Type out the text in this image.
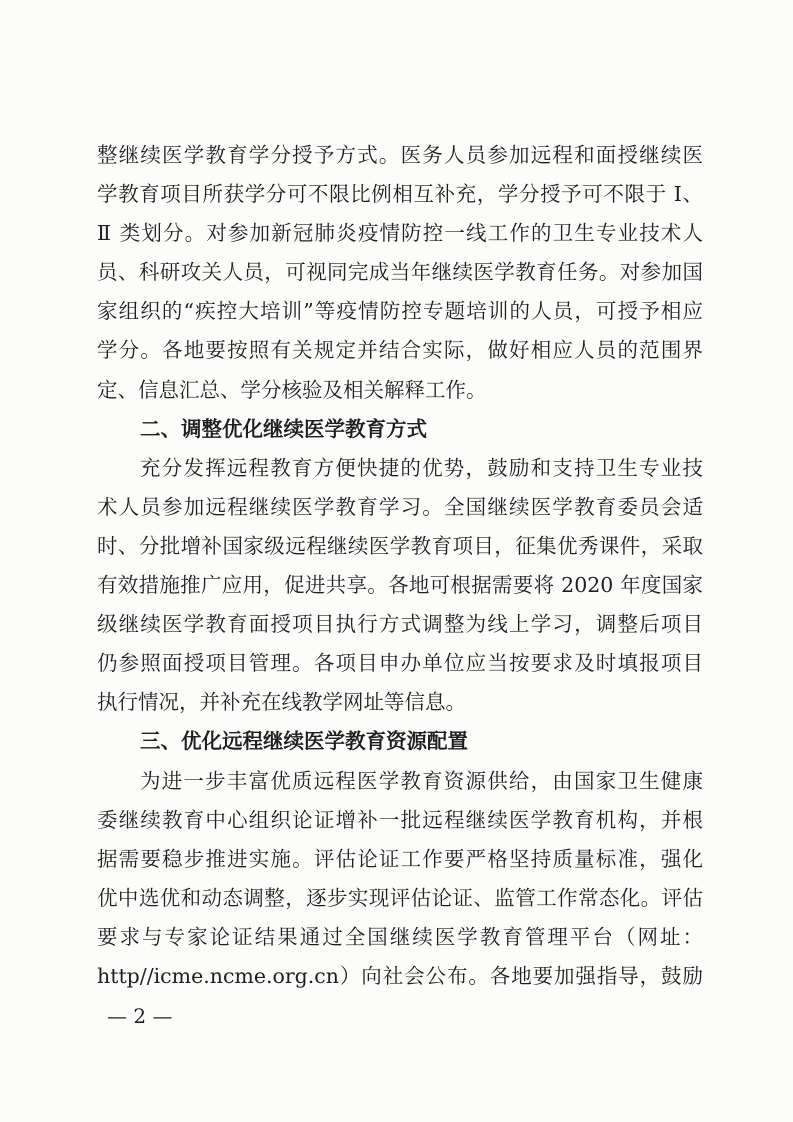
整继续医学教育学分授予方式。医务人员参加远程和面授继续医
学教育项目所获学分可不限比例相互补充，学分授予可不限于 Ⅰ、
Ⅱ 类划分。对参加新冠肺炎疫情防控一线工作的卫生专业技术人
员、科研攻关人员，可视同完成当年继续医学教育任务。对参加国
家组织的“疾控大培训”等疫情防控专题培训的人员，可授予相应
学分。各地要按照有关规定并结合实际，做好相应人员的范围界
定、信息汇总、学分核验及相关解释工作。
二、调整优化继续医学教育方式
充分发挥远程教育方便快捷的优势，鼓励和支持卫生专业技
术人员参加远程继续医学教育学习。全国继续医学教育委员会适
时、分批增补国家级远程继续医学教育项目，征集优秀课件，采取
有效措施推广应用，促进共享。各地可根据需要将 2020 年度国家
级继续医学教育面授项目执行方式调整为线上学习，调整后项目
仍参照面授项目管理。各项目申办单位应当按要求及时填报项目
执行情况，并补充在线教学网址等信息。
三、优化远程继续医学教育资源配置
为进一步丰富优质远程医学教育资源供给，由国家卫生健康
委继续教育中心组织论证增补一批远程继续医学教育机构，并根
据需要稳步推进实施。评估论证工作要严格坚持质量标准，强化
优中选优和动态调整，逐步实现评估论证、监管工作常态化。评估
要求与专家论证结果通过全国继续医学教育管理平台（网址：
http//icme.ncme.org.cn）向社会公布。各地要加强指导，鼓励
— 2 —
